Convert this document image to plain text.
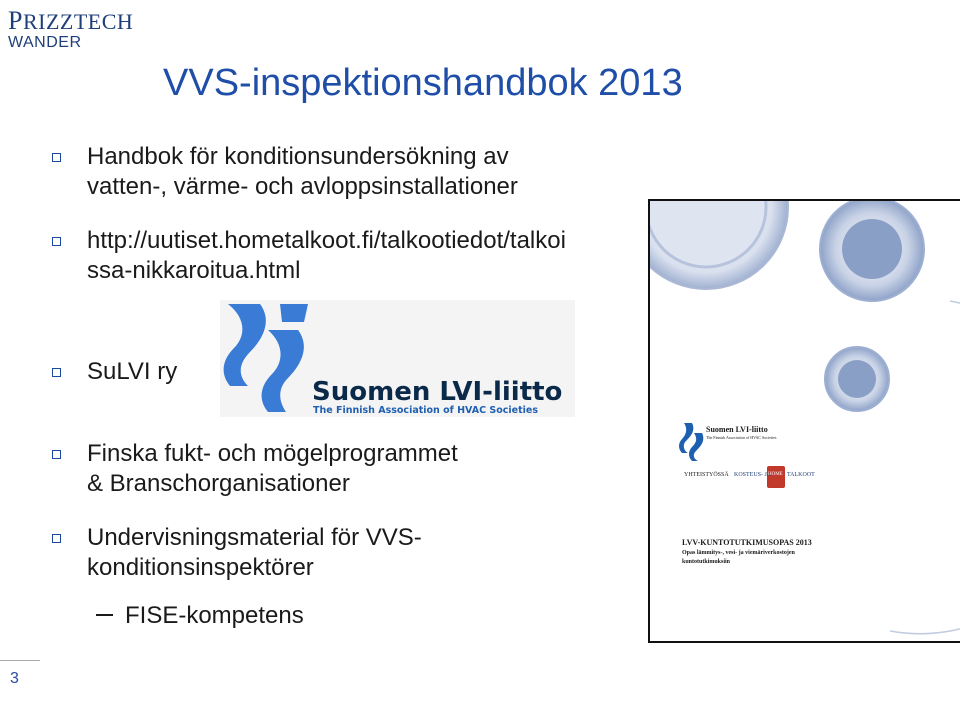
PRIZZTECH
WANDER
VVS-inspektionshandbok 2013
Handbok för konditionsundersökning av
vatten-, värme- och avloppsinstallationer
http://uutiset.hometalkoot.fi/talkootiedot/talkoi
ssa-nikkaroitua.html
SuLVI ry
Finska fukt- och mögelprogrammet
& Branschorganisationer
Undervisningsmaterial för VVS-
konditionsinspektörer
FISE-kompetens
Suomen LVI-liitto
The Finnish Association of HVAC Societies
Suomen LVI-liitto
The Finnish Association of HVAC Societies
YHTEISTYÖSSÄ KOSTEUS- JA
HOME TALKOOT
LVV-KUNTOTUTKIMUSOPAS 2013
Opas lämmitys-, vesi- ja viemäriverkostojen
kuntotutkimuksiin
3
